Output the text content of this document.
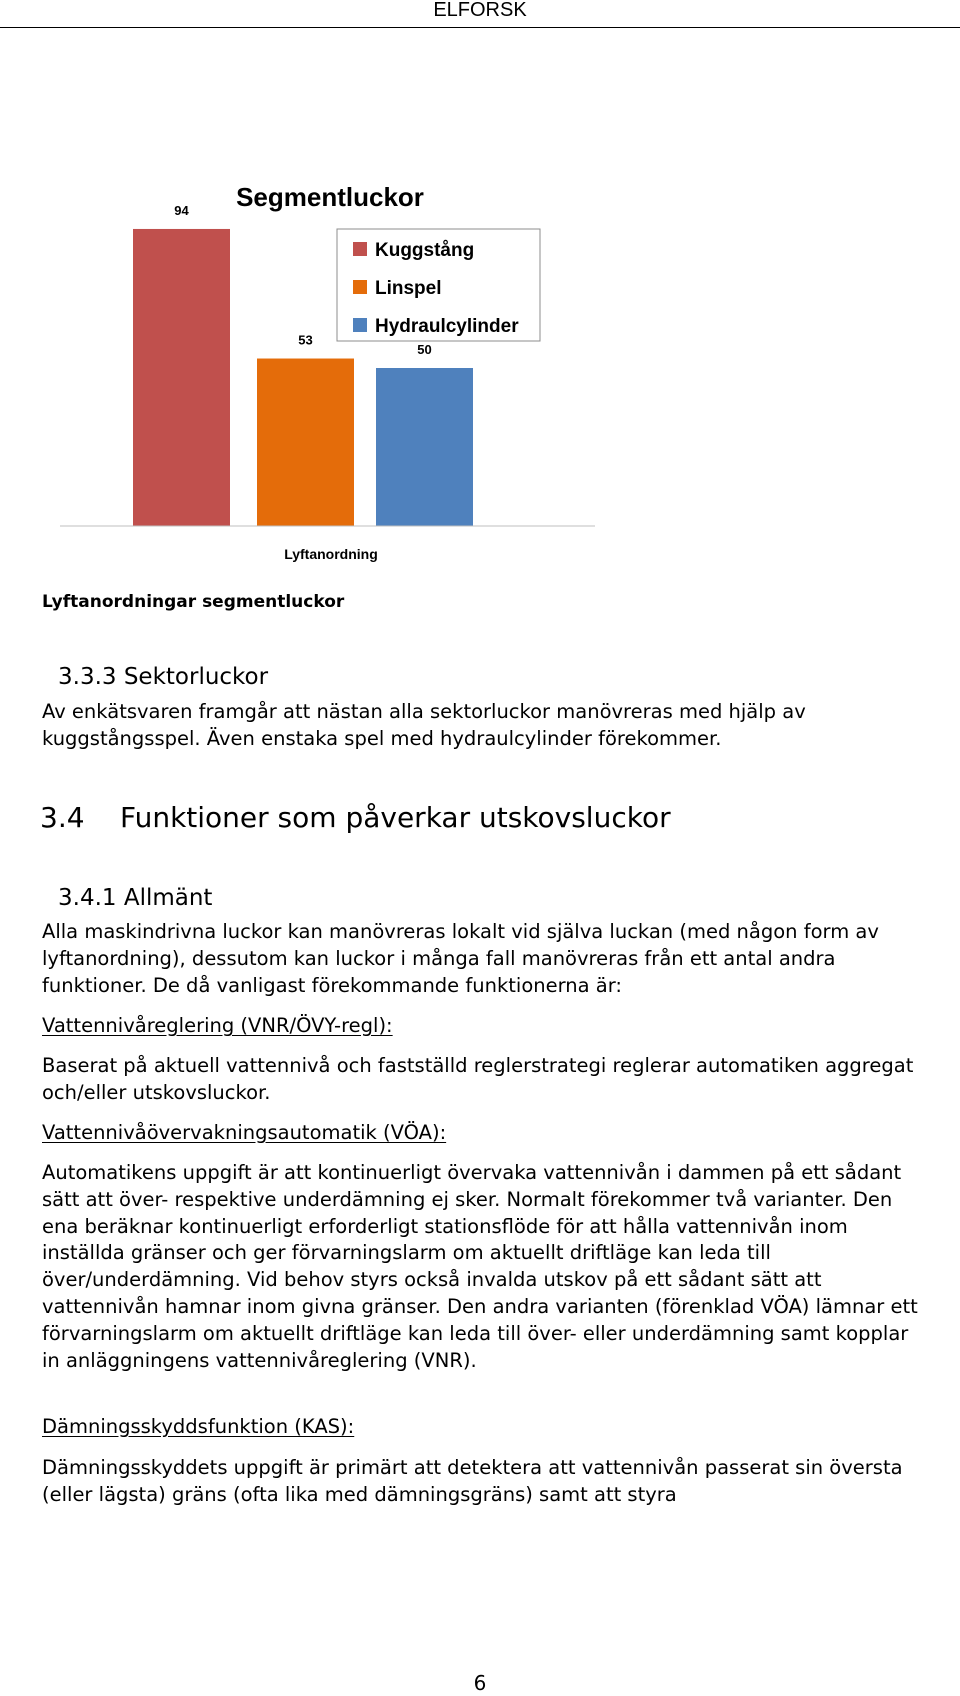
ELFORSK
Segmentluckor
Kuggstång
Linspel
Hydraulcylinder
94
53
50
Lyftanordning
Lyftanordningar segmentluckor
3.3.3 Sektorluckor

Av enkätsvaren framgår att nästan alla sektorluckor manövreras med hjälp av kuggstångsspel. Även enstaka spel med hydraulcylinder förekommer.

3.4 Funktioner som påverkar utskovsluckor
3.4.1 Allmänt

Alla maskindrivna luckor kan manövreras lokalt vid själva luckan (med någon form av lyftanordning), dessutom kan luckor i många fall manövreras från ett antal andra funktioner. De då vanligast förekommande funktionerna är:

Vattennivåreglering (VNR/ÖVY-regl):

Baserat på aktuell vattennivå och fastställd reglerstrategi reglerar automatiken aggregat och/eller utskovsluckor.

Vattennivåövervakningsautomatik (VÖA):

Automatikens uppgift är att kontinuerligt övervaka vattennivån i dammen på ett sådant sätt att över- respektive underdämning ej sker. Normalt förekommer två varianter. Den ena beräknar kontinuerligt erforderligt stationsflöde för att hålla vattennivån inom inställda gränser och ger förvarningslarm om aktuellt driftläge kan leda till över/underdämning. Vid behov styrs också invalda utskov på ett sådant sätt att vattennivån hamnar inom givna gränser. Den andra varianten (förenklad VÖA) lämnar ett förvarningslarm om aktuellt driftläge kan leda till över- eller underdämning samt kopplar in anläggningens vattennivåreglering (VNR).

Dämningsskyddsfunktion (KAS):

Dämningsskyddets uppgift är primärt att detektera att vattennivån passerat sin översta (eller lägsta) gräns (ofta lika med dämningsgräns) samt att styra

6
